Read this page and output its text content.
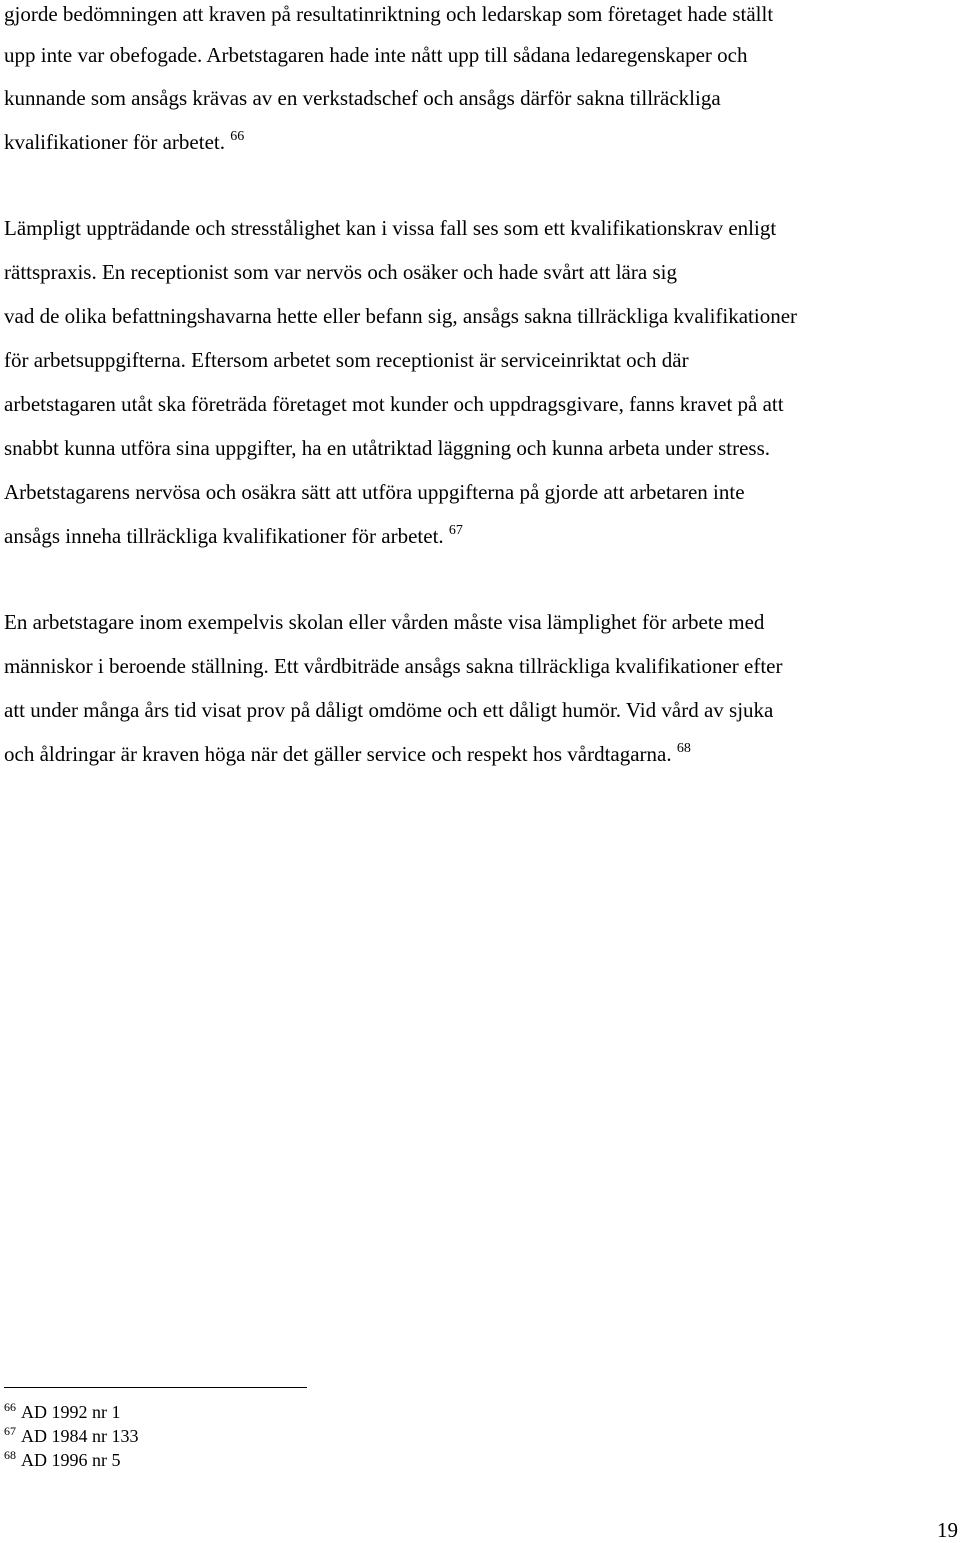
gjorde bedömningen att kraven på resultatinriktning och ledarskap som företaget hade ställt
upp inte var obefogade. Arbetstagaren hade inte nått upp till sådana ledaregenskaper och
kunnande som ansågs krävas av en verkstadschef och ansågs därför sakna tillräckliga
kvalifikationer för arbetet. $^{66}$
Lämpligt uppträdande och stresstålighet kan i vissa fall ses som ett kvalifikationskrav enligt
rättspraxis. En receptionist som var nervös och osäker och hade svårt att lära sig
vad de olika befattningshavarna hette eller befann sig, ansågs sakna tillräckliga kvalifikationer
för arbetsuppgifterna. Eftersom arbetet som receptionist är serviceinriktat och där
arbetstagaren utåt ska företräda företaget mot kunder och uppdragsgivare, fanns kravet på att
snabbt kunna utföra sina uppgifter, ha en utåtriktad läggning och kunna arbeta under stress.
Arbetstagarens nervösa och osäkra sätt att utföra uppgifterna på gjorde att arbetaren inte
ansågs inneha tillräckliga kvalifikationer för arbetet. $^{67}$
En arbetstagare inom exempelvis skolan eller vården måste visa lämplighet för arbete med
människor i beroende ställning. Ett vårdbiträde ansågs sakna tillräckliga kvalifikationer efter
att under många års tid visat prov på dåligt omdöme och ett dåligt humör. Vid vård av sjuka
och åldringar är kraven höga när det gäller service och respekt hos vårdtagarna. $^{68}$
$^{66}$ AD 1992 nr 1
$^{67}$ AD 1984 nr 133
$^{68}$ AD 1996 nr 5
19
